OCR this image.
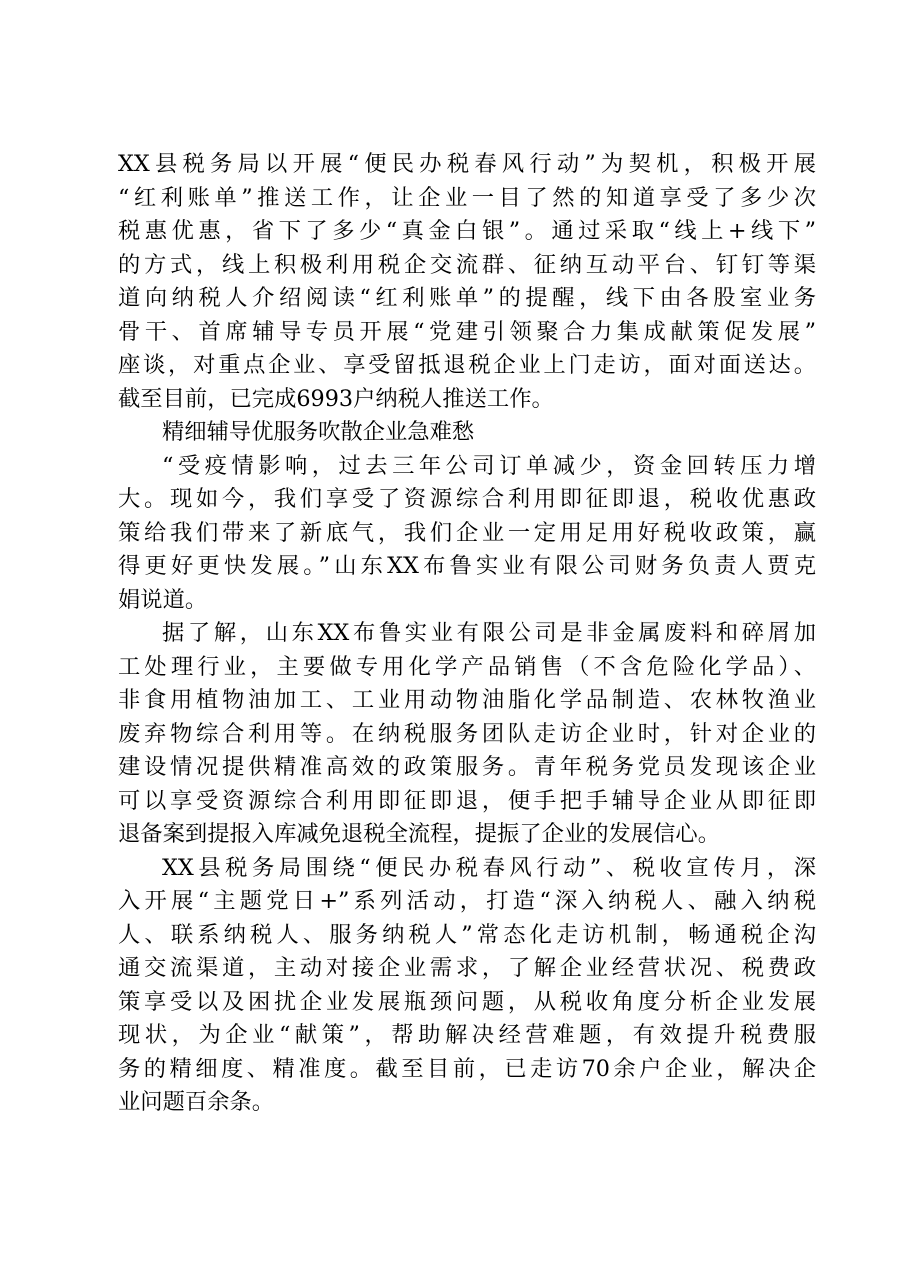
XX县税务局以开展“便民办税春风行动”为契机，积极开展
“红利账单”推送工作，让企业一目了然的知道享受了多少次
税惠优惠，省下了多少“真金白银”。通过采取“线上+线下”
的方式，线上积极利用税企交流群、征纳互动平台、钉钉等渠
道向纳税人介绍阅读“红利账单”的提醒，线下由各股室业务
骨干、首席辅导专员开展“党建引领聚合力集成献策促发展”
座谈，对重点企业、享受留抵退税企业上门走访，面对面送达。
截至目前，已完成6993户纳税人推送工作。

精细辅导优服务吹散企业急难愁

“受疫情影响，过去三年公司订单减少，资金回转压力增
大。现如今，我们享受了资源综合利用即征即退，税收优惠政
策给我们带来了新底气，我们企业一定用足用好税收政策，赢
得更好更快发展。”山东XX布鲁实业有限公司财务负责人贾克
娟说道。

据了解，山东XX布鲁实业有限公司是非金属废料和碎屑加
工处理行业，主要做专用化学产品销售（不含危险化学品）、
非食用植物油加工、工业用动物油脂化学品制造、农林牧渔业
废弃物综合利用等。在纳税服务团队走访企业时，针对企业的
建设情况提供精准高效的政策服务。青年税务党员发现该企业
可以享受资源综合利用即征即退，便手把手辅导企业从即征即
退备案到提报入库减免退税全流程，提振了企业的发展信心。

XX县税务局围绕“便民办税春风行动”、税收宣传月，深
入开展“主题党日+”系列活动，打造“深入纳税人、融入纳税
人、联系纳税人、服务纳税人”常态化走访机制，畅通税企沟
通交流渠道，主动对接企业需求，了解企业经营状况、税费政
策享受以及困扰企业发展瓶颈问题，从税收角度分析企业发展
现状，为企业“献策”，帮助解决经营难题，有效提升税费服
务的精细度、精准度。截至目前，已走访70余户企业，解决企
业问题百余条。
